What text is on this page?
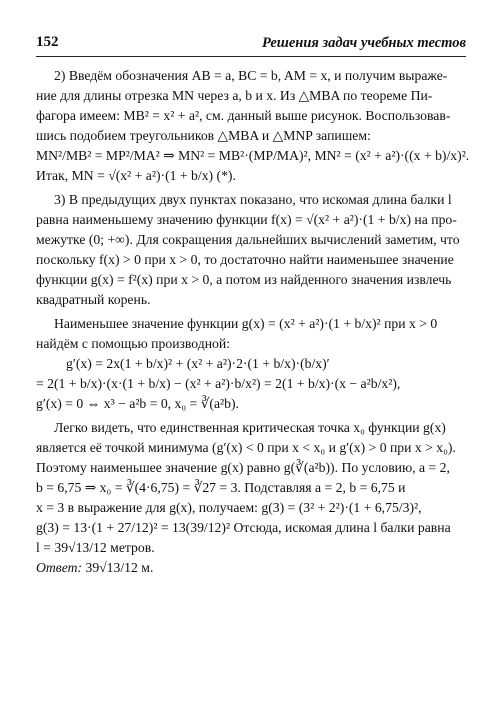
152	Решения задач учебных тестов

2) Введём обозначения AB = a, BC = b, AM = x, и получим выраже-

ние для длины отрезка MN через a, b и x. Из △MBA по теореме Пи-

фагора имеем: MB² = x² + a², см. данный выше рисунок. Воспользовав-

шись подобием треугольников △MBA и △MNP запишем:

MN²/MB² = MP²/MA² ⇒ MN² = MB²·(MP/MA)², MN² = (x² + a²)·((x + b)/x)².

Итак, MN = √(x² + a²)·(1 + b/x) (*).

3) В предыдущих двух пунктах показано, что искомая длина балки l

равна наименьшему значению функции f(x) = √(x² + a²)·(1 + b/x) на про-

межутке (0; +∞). Для сокращения дальнейших вычислений заметим, что

поскольку f(x) > 0 при x > 0, то достаточно найти наименьшее значение

функции g(x) = f²(x) при x > 0, а потом из найденного значения извлечь

квадратный корень.

Наименьшее значение функции g(x) = (x² + a²)·(1 + b/x)² при x > 0

найдём с помощью производной:

g′(x) = 2x(1 + b/x)² + (x² + a²)·2·(1 + b/x)·(b/x)′

= 2(1 + b/x)·(x·(1 + b/x) − (x² + a²)·b/x²) = 2(1 + b/x)·(x − a²b/x²),

g′(x) = 0 ⇔ x³ − a²b = 0, x₀ = ∛(a²b).

Легко видеть, что единственная критическая точка x₀ функции g(x)

является её точкой минимума (g′(x) < 0 при x < x₀ и g′(x) > 0 при x > x₀).

Поэтому наименьшее значение g(x) равно g(∛(a²b)). По условию, a = 2,

b = 6,75 ⇒ x₀ = ∛(4·6,75) = ∛27 = 3. Подставляя a = 2, b = 6,75 и

x = 3 в выражение для g(x), получаем: g(3) = (3² + 2²)·(1 + 6,75/3)²,

g(3) = 13·(1 + 27/12)² = 13(39/12)² Отсюда, искомая длина l балки равна

l = 39√13/12 метров.

Ответ: 39√13/12 м.
